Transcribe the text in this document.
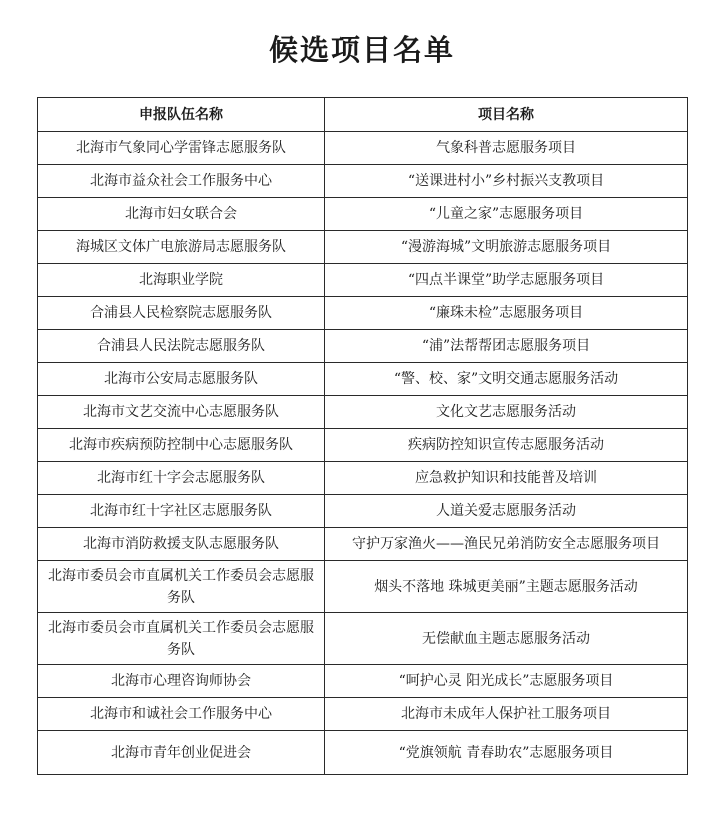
候选项目名单
申报队伍名称	项目名称
北海市气象同心学雷锋志愿服务队	气象科普志愿服务项目
北海市益众社会工作服务中心	“送课进村小”乡村振兴支教项目
北海市妇女联合会	“儿童之家”志愿服务项目
海城区文体广电旅游局志愿服务队	“漫游海城”文明旅游志愿服务项目
北海职业学院	“四点半课堂”助学志愿服务项目
合浦县人民检察院志愿服务队	“廉珠未检”志愿服务项目
合浦县人民法院志愿服务队	“浦”法帮帮团志愿服务项目
北海市公安局志愿服务队	“警、校、家”文明交通志愿服务活动
北海市文艺交流中心志愿服务队	文化文艺志愿服务活动
北海市疾病预防控制中心志愿服务队	疾病防控知识宣传志愿服务活动
北海市红十字会志愿服务队	应急救护知识和技能普及培训
北海市红十字社区志愿服务队	人道关爱志愿服务活动
北海市消防救援支队志愿服务队	守护万家渔火——渔民兄弟消防安全志愿服务项目
北海市委员会市直属机关工作委员会志愿服务队	烟头不落地 珠城更美丽”主题志愿服务活动
北海市委员会市直属机关工作委员会志愿服务队	无偿献血主题志愿服务活动
北海市心理咨询师协会	“呵护心灵 阳光成长”志愿服务项目
北海市和诚社会工作服务中心	北海市未成年人保护社工服务项目
北海市青年创业促进会	“党旗领航 青春助农”志愿服务项目
